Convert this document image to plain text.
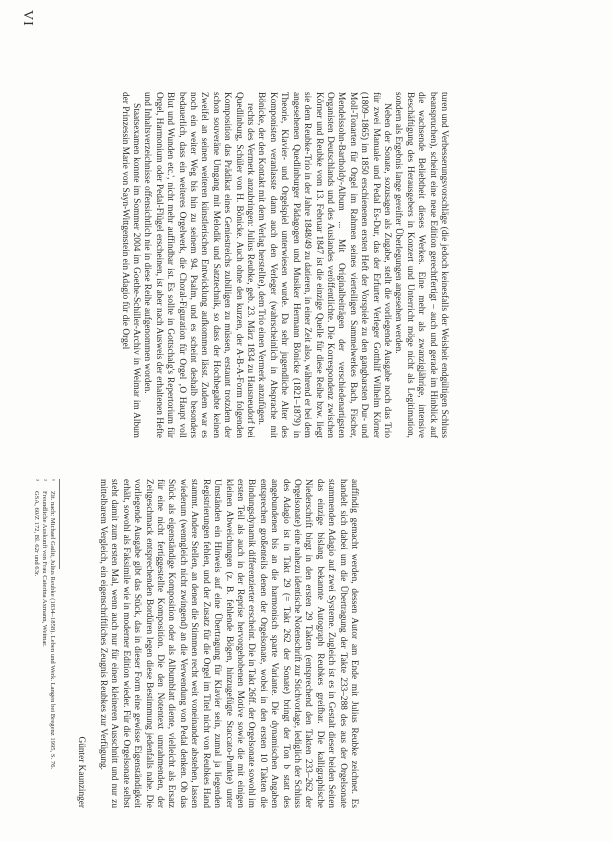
VI

turen und Verbesserungsvorschläge (die jedoch keinesfalls der Weisheit endgültigen Schluss beanspruchen), scheint eine neue Edition gerechtfertigt – auch und gerade im Hinblick auf die wachsende Beliebtheit dieses Werkes. Eine mehr als zwanzigjährige, intensive Beschäftigung des Herausgebers in Konzert und Unterricht möge nicht als Legitimation, sondern als Ergebnis lange gereifter Überlegungen angesehen werden.

Neben der Sonate, sozusagen als Zugabe, stellt die vorliegende Ausgabe noch das Trio für zwei Manuale und Pedal Es-Dur, das der Erfurter Verleger Gotthilf Wilhelm Körner (1809–1865) im 1850 erschienenen ersten Heft der Vorspiele zu den gangbarsten Dur- und Moll-Tonarten für Orgel im Rahmen seines vierteiligen Sammelwerkes Bach, Fischer, Mendelssohn-Bartholdy-Album ... Mit Originalbeiträgen der verschiedenartigsten Organisten Deutschlands und des Auslandes veröffentlichte. Die Korrespondenz zwischen Körner und Reubke vom 13. Februar 1847 ist die einzige Quelle für diese Reihe bzw. liegt sie dem Reubke-Trio in der Jahre 1848/49 zu datieren, in einer Zeit also, während er bei dem angesehenen Quedlinburger Pädagogen und Musiker Hermann Bönicke (1821–1879) in Theorie, Klavier- und Orgelspiel unterwiesen wurde. Da sehr jugendliche Alter des Komponisten veranlasste dann auch den Verleger (wahrscheinlich in Absprache mit Bönicke, der den Kontakt mit dem Verlag herstellte), dem Trio einen Vermerk anzufügen.

rechts des Vermerk anzubringen: Julius Reubke, geb. 23. März 1834 zu Hausneudorf bei Quedlinburg, Schüler von H. Bönicke. Auch ohne den kurzen, der A-B-A-Form folgenden Komposition das Prädikat eines Geniestreichs zubilligen zu müssen, erstaunt trotzdem der schon souveräne Umgang mit Melodik und Satztechnik, so dass der Hochbegabte keinen Zweifel an seinen weiteren künstlerischen Entwicklung aufkommen lässt. Zudem war es noch ein weiter Weg bis hin zu seinem 94. Psalm, und es scheint deshalb besonders bedauerlich, dass ein weiteres Orgelwerk, die Choral-Figuration für Orgel ‚O Haupt voll Blut und Wunden etc.', nicht mehr auffindbar ist. Es sollte in Gottschalg's Repertorium für Orgel, Harmonium oder Pedal-Flügel erscheinen, ist aber nach Ausweis der erhaltenen Hefte und Inhaltsverzeichnisse offensichtlich nie in diese Reihe aufgenommen worden.

Staatsexamen konnte im Sommer 2004 im Goethe-Schiller-Archiv in Weimar im Album der Prinzessin Marie von Sayn-Wittgenstein ein Adagio für die Orgel

auffindig gemacht werden, dessen Autor am Ende mit Julius Reubke zeichnet. Es handelt sich dabei um die Übertragung der Takte 233–288 des aus der Orgelsonate stammenden Adagio auf zwei Systeme. Zugleich ist es in Gestalt dieser beiden Seiten das einzige bislang bekannte Autograph Reubkes greifbar. Die kalligraphische Niederschrift birgt in den ersten 29 Takten (entsprechend den Takten 233–262 der Orgelsonate) eine nahezu identische Notenschrift zur Stichvorlage, lediglich der Schluss des Adagio ist in Takt 29 (= Takt 262 der Sonate) bringt der Ton b statt des angebundenen bis an die harmonisch sparte Variante. Die dynamischen Angaben entsprechen großenteils denen der Orgelsonate, wobei in den ersten 10 Takten die Bindungsdynamik differenzierter erscheint. Die in Takt 26ff. der Orgelsonate sowohl im ersten Teil als auch in der Reprise hervorgehobenen Motive sowie die mit einigen kleinen Abweichungen (z. B. fehlende Bögen, hinzugefügte Staccato-Punkte) unter Umständen ein Hinweis auf eine Übertragung für Klavier sein, zumal ja liegenden Registrierungen fehlen, und der Zusatz für die Orgel im Titel nicht von Reubkes Hand stammt. Andere Stellen, an denen die Stimmen recht weit voneinander abstehen, lassen wiederum (wenngleich nicht zwingend) an die Verwendung von Pedal denken. Ob das Stück als eigenständige Komposition oder als Albumblatt diente, vielleicht als Ersatz für eine nicht fertiggestellte Komposition. Die den Notentext umrahmenden, der Zeitgeschmack entsprechenden Bordüren legen diese Bestimmung jedenfalls nahe. Die vorliegende Ausgabe gibt das Stück, das in dieser Form eine gewisse Eigenständigkeit erhält, sowohl als Faksimile wie in moderner Edition wieder. Für die Orgelsonate selbst steht damit zum ersten Mal, wenn auch nur für einen kleineren Ausschnitt und nur zu mittelbarem Vergleich, ein eigenschriftliches Zeugnis Reubkes zur Verfügung.

Günter Kaunzinger
¹
Zit. nach: Michael Gailit, Julius Reubke (1834–1858). Leben und Werk. Langen bei Bregenz 1995, S. 76.
²
Freundliche Auskunft von Frau Caterina Axmann, Weimar.
³
GSA, 60/Z 172, Bl. 62r und 63r.
